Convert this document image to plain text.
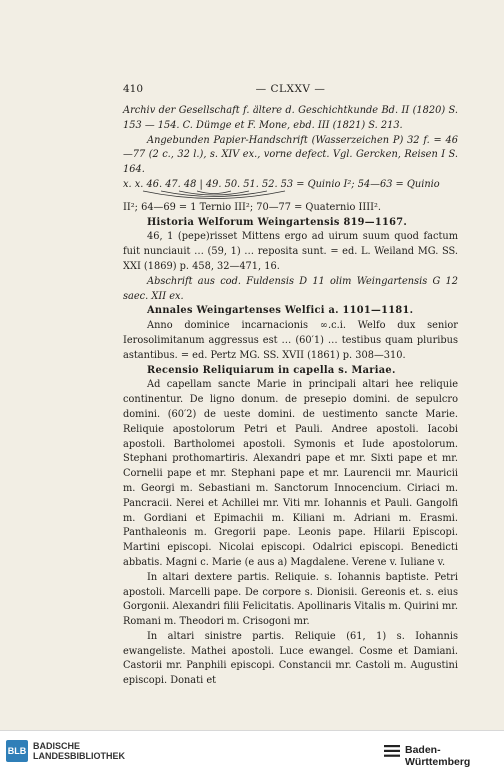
410	— CLXXV —

Archiv der Gesellschaft f. ältere d. Geschichtkunde Bd. II (1820) S. 153 — 154. C. Dümge et F. Mone, ebd. III (1821) S. 213.

Angebunden Papier-Handschrift (Wasserzeichen P) 32 f. = 46—77 (2 c., 32 l.), s. XIV ex., vorne defect. Vgl. Gercken, Reisen I S. 164.

x. x. 46. 47. 48 | 49. 50. 51. 52. 53 = Quinio I²; 54—63 = Quinio

II²; 64—69 = 1 Ternio III²; 70—77 = Quaternio IIII².

Historia Welforum Weingartensis 819—1167.

46, 1 (pepe)risset Mittens ergo ad uirum suum quod factum fuit nunciauit … (59, 1) … reposita sunt. = ed. L. Weiland MG. SS. XXI (1869) p. 458, 32—471, 16.

Abschrift aus cod. Fuldensis D 11 olim Weingartensis G 12 saec. XII ex.

Annales Weingartenses Welfici a. 1101—1181.

Anno dominice incarnacionis ∞.c.i. Welfo dux senior Ierosolimitanum aggressus est … (60′1) … testibus quam pluribus astantibus. = ed. Pertz MG. SS. XVII (1861) p. 308—310.

Recensio Reliquiarum in capella s. Mariae.

Ad capellam sancte Marie in principali altari hee reliquie continentur. De ligno donum. de presepio domini. de sepulcro domini. (60′2) de ueste domini. de uestimento sancte Marie. Reliquie apostolorum Petri et Pauli. Andree apostoli. Iacobi apostoli. Bartholomei apostoli. Symonis et Iude apostolorum. Stephani prothomartiris. Alexandri pape et mr. Sixti pape et mr. Cornelii pape et mr. Stephani pape et mr. Laurencii mr. Mauricii m. Georgi m. Sebastiani m. Sanctorum Innocencium. Ciriaci m. Pancracii. Nerei et Achillei mr. Viti mr. Iohannis et Pauli. Gangolfi m. Gordiani et Epimachii m. Kiliani m. Adriani m. Erasmi. Panthaleonis m. Gregorii pape. Leonis pape. Hilarii Episcopi. Martini episcopi. Nicolai episcopi. Odalrici episcopi. Benedicti abbatis. Magni c. Marie (e aus a) Magdalene. Verene v. Iuliane v.

In altari dextere partis. Reliquie. s. Iohannis baptiste. Petri apostoli. Marcelli pape. De corpore s. Dionisii. Gereonis et. s. eius Gorgonii. Alexandri filii Felicitatis. Apollinaris Vitalis m. Quirini mr. Romani m. Theodori m. Crisogoni mr.

In altari sinistre partis. Reliquie (61, 1) s. Iohannis ewangeliste. Mathei apostoli. Luce ewangel. Cosme et Damiani. Castorii mr. Panphili episcopi. Constancii mr. Castoli m. Augustini episcopi. Donati et

BLB BADISCHE
LANDESBIBLIOTHEK	Baden-Württemberg
